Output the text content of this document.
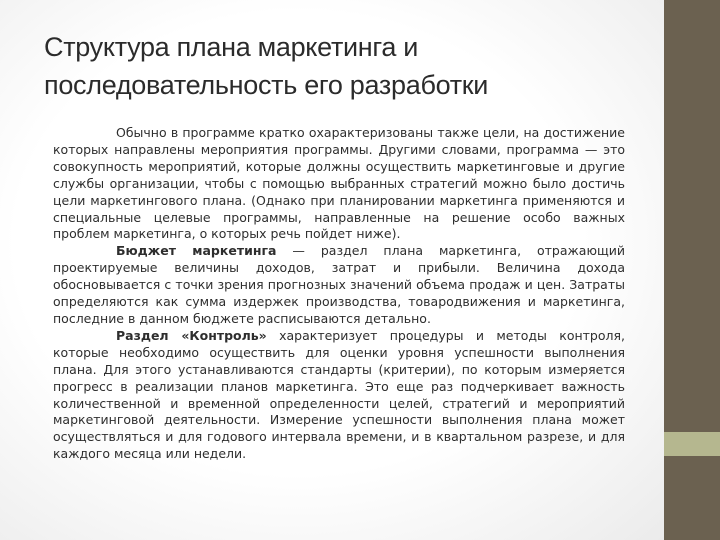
Структура плана маркетинга и последовательность его разработки

Обычно в программе кратко охарактеризованы также цели, на достижение которых направлены мероприятия программы. Другими словами, программа — это совокупность мероприятий, которые должны осуществить маркетинговые и другие службы организации, чтобы с помощью выбранных стратегий можно было достичь цели маркетингового плана. (Однако при планировании маркетинга применяются и специальные целевые программы, направленные на решение особо важных проблем маркетинга, о которых речь пойдет ниже).

Бюджет маркетинга — раздел плана маркетинга, отражающий проектируемые величины доходов, затрат и прибыли. Величина дохода обосновывается с точки зрения прогнозных значений объема продаж и цен. Затраты определяются как сумма издержек производства, товародвижения и маркетинга, последние в данном бюджете расписываются детально.

Раздел «Контроль» характеризует процедуры и методы контроля, которые необходимо осуществить для оценки уровня успешности выполнения плана. Для этого устанавливаются стандарты (критерии), по которым измеряется прогресс в реализации планов маркетинга. Это еще раз подчеркивает важность количественной и временной определенности целей, стратегий и мероприятий маркетинговой деятельности. Измерение успешности выполнения плана может осуществляться и для годового интервала времени, и в квартальном разрезе, и для каждого месяца или недели.
